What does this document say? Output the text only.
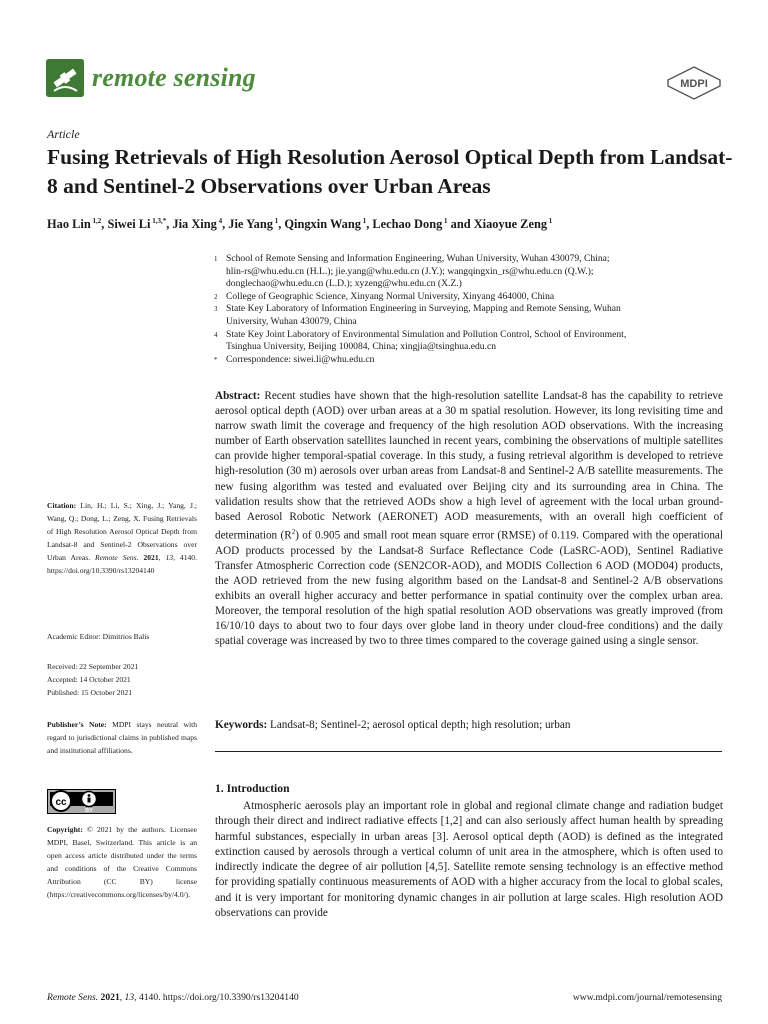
remote sensing	MDPI
Article
Fusing Retrievals of High Resolution Aerosol Optical Depth from Landsat-8 and Sentinel-2 Observations over Urban Areas
Hao Lin $^{1,2}$, Siwei Li $^{1,3,*}$, Jia Xing $^4$, Jie Yang $^1$, Qingxin Wang $^1$, Lechao Dong $^1$ and Xiaoyue Zeng $^1$
1 School of Remote Sensing and Information Engineering, Wuhan University, Wuhan 430079, China;
hlin-rs@whu.edu.cn (H.L.); jie.yang@whu.edu.cn (J.Y.); wangqingxin_rs@whu.edu.cn (Q.W.);
donglechao@whu.edu.cn (L.D.); xyzeng@whu.edu.cn (X.Z.)
2 College of Geographic Science, Xinyang Normal University, Xinyang 464000, China
3 State Key Laboratory of Information Engineering in Surveying, Mapping and Remote Sensing, Wuhan
University, Wuhan 430079, China
4 State Key Joint Laboratory of Environmental Simulation and Pollution Control, School of Environment,
Tsinghua University, Beijing 100084, China; xingjia@tsinghua.edu.cn
* Correspondence: siwei.li@whu.edu.cn
Abstract: Recent studies have shown that the high-resolution satellite Landsat-8 has the capability to retrieve aerosol optical depth (AOD) over urban areas at a 30 m spatial resolution. However, its long revisiting time and narrow swath limit the coverage and frequency of the high resolution AOD observations. With the increasing number of Earth observation satellites launched in recent years, combining the observations of multiple satellites can provide higher temporal-spatial coverage. In this study, a fusing retrieval algorithm is developed to retrieve high-resolution (30 m) aerosols over urban areas from Landsat-8 and Sentinel-2 A/B satellite measurements. The new fusing algorithm was tested and evaluated over Beijing city and its surrounding area in China. The validation results show that the retrieved AODs show a high level of agreement with the local urban ground-based Aerosol Robotic Network (AERONET) AOD measurements, with an overall high coefficient of determination $(R^2)$ of 0.905 and small root mean square error (RMSE) of 0.119. Compared with the operational AOD products processed by the Landsat-8 Surface Reflectance Code (LaSRC-AOD), Sentinel Radiative Transfer Atmospheric Correction code (SEN2COR-AOD), and MODIS Collection 6 AOD (MOD04) products, the AOD retrieved from the new fusing algorithm based on the Landsat-8 and Sentinel-2 A/B observations exhibits an overall higher accuracy and better performance in spatial continuity over the complex urban area. Moreover, the temporal resolution of the high spatial resolution AOD observations was greatly improved (from 16/10/10 days to about two to four days over globe land in theory under cloud-free conditions) and the daily spatial coverage was increased by two to three times compared to the coverage gained using a single sensor.
Keywords: Landsat-8; Sentinel-2; aerosol optical depth; high resolution; urban
1. Introduction
Atmospheric aerosols play an important role in global and regional climate change and radiation budget through their direct and indirect radiative effects [1,2] and can also seriously affect human health by spreading harmful substances, especially in urban areas [3]. Aerosol optical depth (AOD) is defined as the integrated extinction caused by aerosols through a vertical column of unit area in the atmosphere, which is often used to indirectly indicate the degree of air pollution [4,5]. Satellite remote sensing technology is an effective method for providing spatially continuous measurements of AOD with a higher accuracy from the local to global scales, and it is very important for monitoring dynamic changes in air pollution at large scales. High resolution AOD observations can provide
Citation: Lin, H.; Li, S.; Xing, J.; Yang, J.; Wang, Q.; Dong, L.; Zeng, X. Fusing Retrievals of High Resolution Aerosol Optical Depth from Landsat-8 and Sentinel-2 Observations over Urban Areas. Remote Sens. 2021, 13, 4140. https://doi.org/10.3390/rs13204140
Academic Editor: Dimitrios Balis
Received: 22 September 2021
Accepted: 14 October 2021
Published: 15 October 2021
Publisher’s Note: MDPI stays neutral with regard to jurisdictional claims in published maps and institutional affiliations.
cc
BY
Copyright: © 2021 by the authors. Licensee MDPI, Basel, Switzerland. This article is an open access article distributed under the terms and conditions of the Creative Commons Attribution (CC BY) license (https://creativecommons.org/licenses/by/4.0/).
Remote Sens. 2021, 13, 4140. https://doi.org/10.3390/rs13204140	www.mdpi.com/journal/remotesensing
